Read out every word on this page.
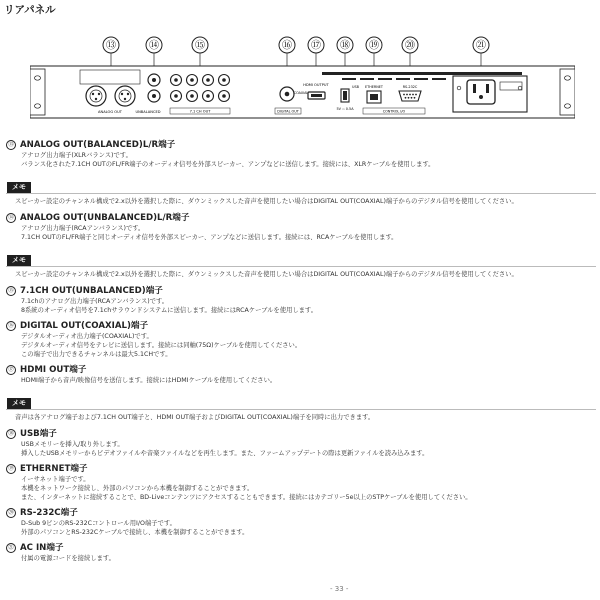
リアパネル
⑬	⑭	⑮	⑯ ⑰ ⑱ ⑲	⑳	㉑
ANALOG OUT	UNBALANCED	7.1 CH OUT
COAXIAL
DIGITAL OUT
HDMI OUTPUT	USB
5V ⎓ 0.5A
ETHERNET	RS-232C
CONTROL I/O
⑬ ANALOG OUT(BALANCED)L/R端子
アナログ出力端子(XLRバランス)です。
バランス化された7.1CH OUTのFL/FR端子のオーディオ信号を外部スピーカー、アンプなどに送信します。接続には、XLRケーブルを使用します。
メモ
スピーカー設定のチャンネル構成で2.x以外を選択した際に、ダウンミックスした音声を使用したい場合はDIGITAL OUT(COAXIAL)端子からのデジタル信号を使用してください。
⑭ ANALOG OUT(UNBALANCED)L/R端子
アナログ出力端子(RCAアンバランス)です。
7.1CH OUTのFL/FR端子と同じオーディオ信号を外部スピーカー、アンプなどに送信します。接続には、RCAケーブルを使用します。
メモ
スピーカー設定のチャンネル構成で2.x以外を選択した際に、ダウンミックスした音声を使用したい場合はDIGITAL OUT(COAXIAL)端子からのデジタル信号を使用してください。
⑮ 7.1CH OUT(UNBALANCED)端子
7.1chのアナログ出力端子(RCAアンバランス)です。
8系統のオーディオ信号を7.1chサラウンドシステムに送信します。接続にはRCAケーブルを使用します。
⑯ DIGITAL OUT(COAXIAL)端子
デジタルオーディオ出力端子(COAXIAL)です。
デジタルオーディオ信号をテレビに送信します。接続には同軸(75Ω)ケーブルを使用してください。
この端子で出力できるチャンネルは最大5.1CHです。
⑰ HDMI OUT端子
HDMI端子から音声/映像信号を送信します。接続にはHDMIケーブルを使用してください。
メモ
音声は各アナログ端子および7.1CH OUT端子と、HDMI OUT端子およびDIGITAL OUT(COAXIAL)端子を同時に出力できます。
⑱ USB端子
USBメモリーを挿入/取り外します。
挿入したUSBメモリーからビデオファイルや音楽ファイルなどを再生します。また、ファームアップデートの際は更新ファイルを読み込みます。
⑲ ETHERNET端子
イーサネット端子です。
本機をネットワーク接続し、外部のパソコンから本機を制御することができます。
また、インターネットに接続することで、BD-Liveコンテンツにアクセスすることもできます。接続にはカテゴリー5e以上のSTPケーブルを使用してください。
⑳ RS-232C端子
D-Sub 9ピンのRS-232Cコントロール用I/O端子です。
外部のパソコンとRS-232Cケーブルで接続し、本機を制御することができます。
㉑ AC IN端子
付属の電源コードを接続します。
- 33 -
